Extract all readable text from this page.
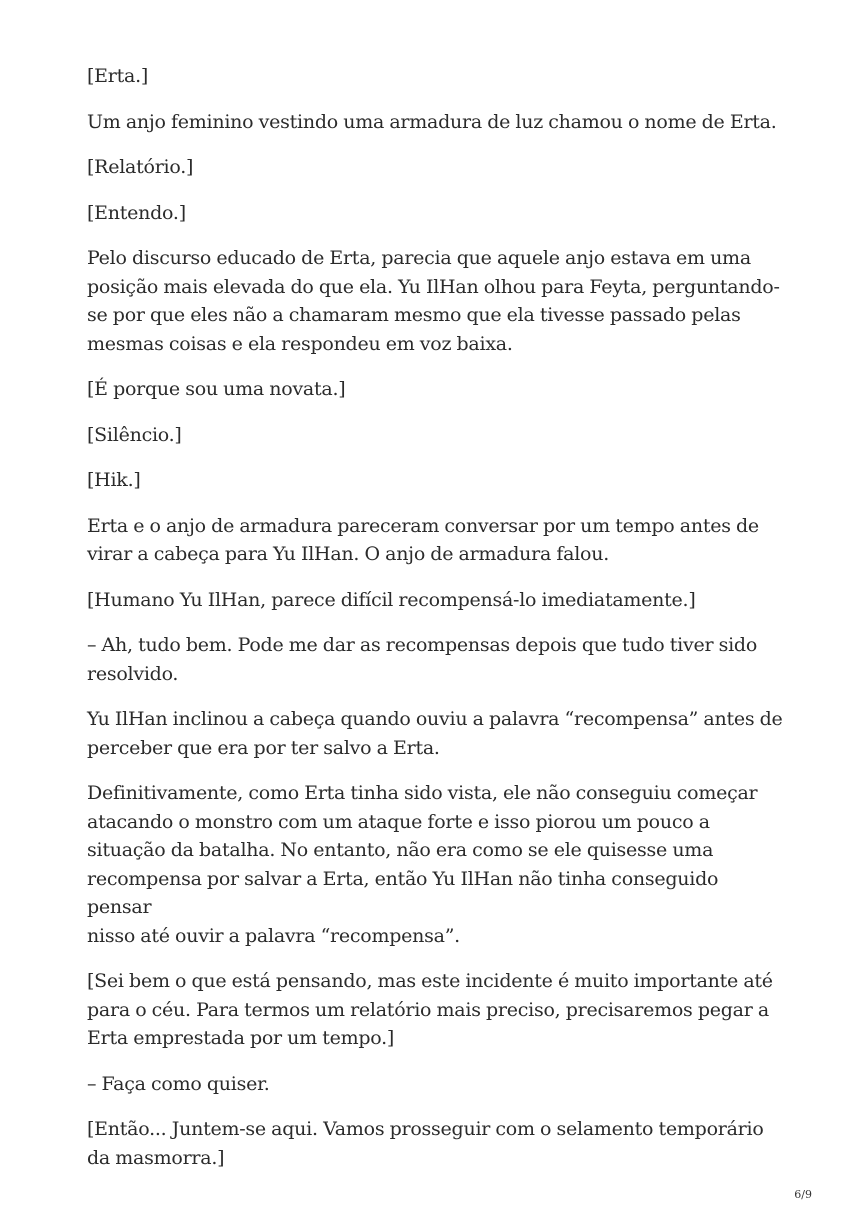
[Erta.]

Um anjo feminino vestindo uma armadura de luz chamou o nome de Erta.

[Relatório.]

[Entendo.]

Pelo discurso educado de Erta, parecia que aquele anjo estava em uma
posição mais elevada do que ela. Yu IlHan olhou para Feyta, perguntando-
se por que eles não a chamaram mesmo que ela tivesse passado pelas
mesmas coisas e ela respondeu em voz baixa.

[É porque sou uma novata.]

[Silêncio.]

[Hik.]

Erta e o anjo de armadura pareceram conversar por um tempo antes de
virar a cabeça para Yu IlHan. O anjo de armadura falou.

[Humano Yu IlHan, parece difícil recompensá-lo imediatamente.]

– Ah, tudo bem. Pode me dar as recompensas depois que tudo tiver sido
resolvido.

Yu IlHan inclinou a cabeça quando ouviu a palavra “recompensa” antes de
perceber que era por ter salvo a Erta.

Definitivamente, como Erta tinha sido vista, ele não conseguiu começar
atacando o monstro com um ataque forte e isso piorou um pouco a
situação da batalha. No entanto, não era como se ele quisesse uma
recompensa por salvar a Erta, então Yu IlHan não tinha conseguido pensar
nisso até ouvir a palavra “recompensa”.

[Sei bem o que está pensando, mas este incidente é muito importante até
para o céu. Para termos um relatório mais preciso, precisaremos pegar a
Erta emprestada por um tempo.]

– Faça como quiser.

[Então... Juntem-se aqui. Vamos prosseguir com o selamento temporário
da masmorra.]

6/9
